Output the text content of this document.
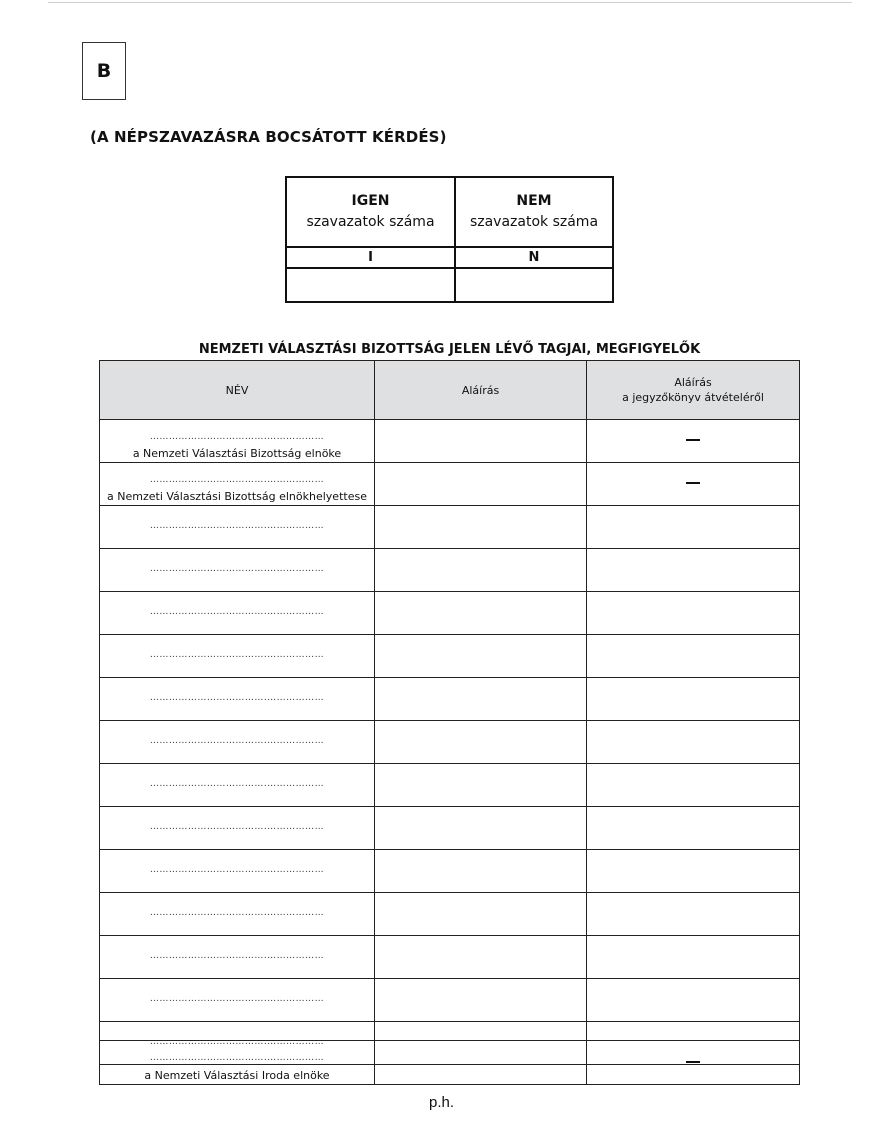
B
(A NÉPSZAVAZÁSRA BOCSÁTOTT KÉRDÉS)
IGEN
szavazatok száma
NEM
szavazatok száma
I	N
NEMZETI VÁLASZTÁSI BIZOTTSÁG JELEN LÉVŐ TAGJAI, MEGFIGYELŐK
NÉV	Aláírás
Aláírás
a jegyzőkönyv átvételéről
……………………………….………………
a Nemzeti Választási Bizottság elnöke
……………………………….………………
a Nemzeti Választási Bizottság elnökhelyettese
……………………………….………………
……………………………….………………
……………………………….………………
……………………………….………………
……………………………….………………
……………………………….………………
……………………………….………………
……………………………….………………
……………………………….………………
……………………………….………………
……………………………….………………
……………………………….………………
……………………………….………………
……………………………….………………
a Nemzeti Választási Iroda elnöke
p.h.
